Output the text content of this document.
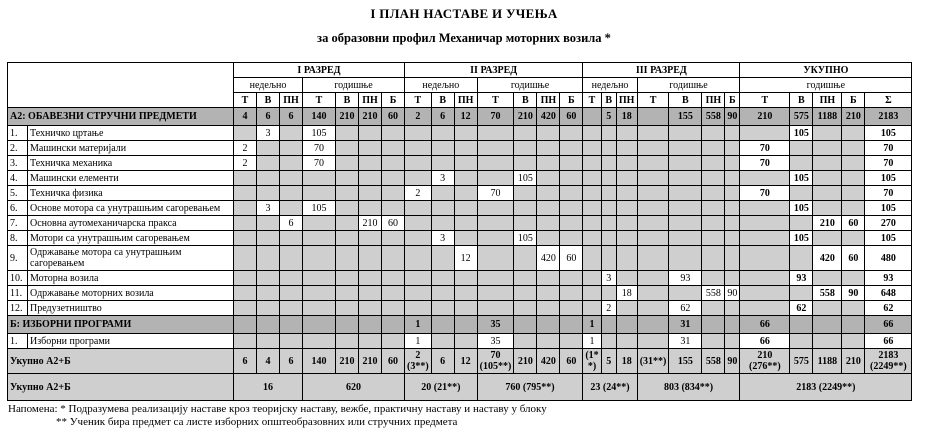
I ПЛАН НАСТАВЕ И УЧЕЊА
за образовни профил Механичар моторних возила *
		I РАЗРЕД							II РАЗРЕД							III РАЗРЕД							УКУПНО				
		недељно			годишње				недељно			годишње				недељно			годишње				годишње				
		Т	В	ПН	Т	В	ПН	Б	Т	В	ПН	Т	В	ПН	Б	Т	В	ПН	Т	В	ПН	Б	Т	В	ПН	Б	Σ
А2: ОБАВЕЗНИ СТРУЧНИ ПРЕДМЕТИ		4	6	6	140	210	210	60	2	6	12	70	210	420	60		5	18		155	558	90	210	575	1188	210	2183
1.	Техничко цртање		3		105																			105			105
2.	Машински материјали	2			70																		70				70
3.	Техничка механика	2			70																		70				70
4.	Машински елементи									3			105											105			105
5.	Техничка физика								2			70											70				70
6.	Основе мотора са унутрашњим сагоревањем		3		105																			105			105
7.	Основна аутомеханичарска пракса			6			210	60																	210	60	270
8.	Мотори са унутрашњим сагоревањем									3			105											105			105
9.	Одржавање мотора са унутрашњим сагоревањем										12			420	60										420	60	480
10.	Моторна возила																3			93				93			93
11.	Одржавање моторних возила																	18			558	90			558	90	648
12.	Предузетништво																2			62				62			62
Б: ИЗБОРНИ ПРОГРАМИ									1			35				1				31			66				66
1.	Изборни програми								1			35				1				31			66				66
Укупно А2+Б		6	4	6	140	210	210	60	2 (3**)	6	12	70 (105**)	210	420	60	(1* *)	5	18	(31**)	155	558	90	210 (276**)	575	1188	210	2183 (2249**)
Укупно А2+Б		16			620				20 (21**)			760 (795**)				23 (24**)			803 (834**)				2183 (2249**)				
Напомена: * Подразумева реализацију наставе кроз теоријску наставу, вежбе, практичну наставу и наставу у блоку
** Ученик бира предмет са листе изборних општеобразовних или стручних предмета
